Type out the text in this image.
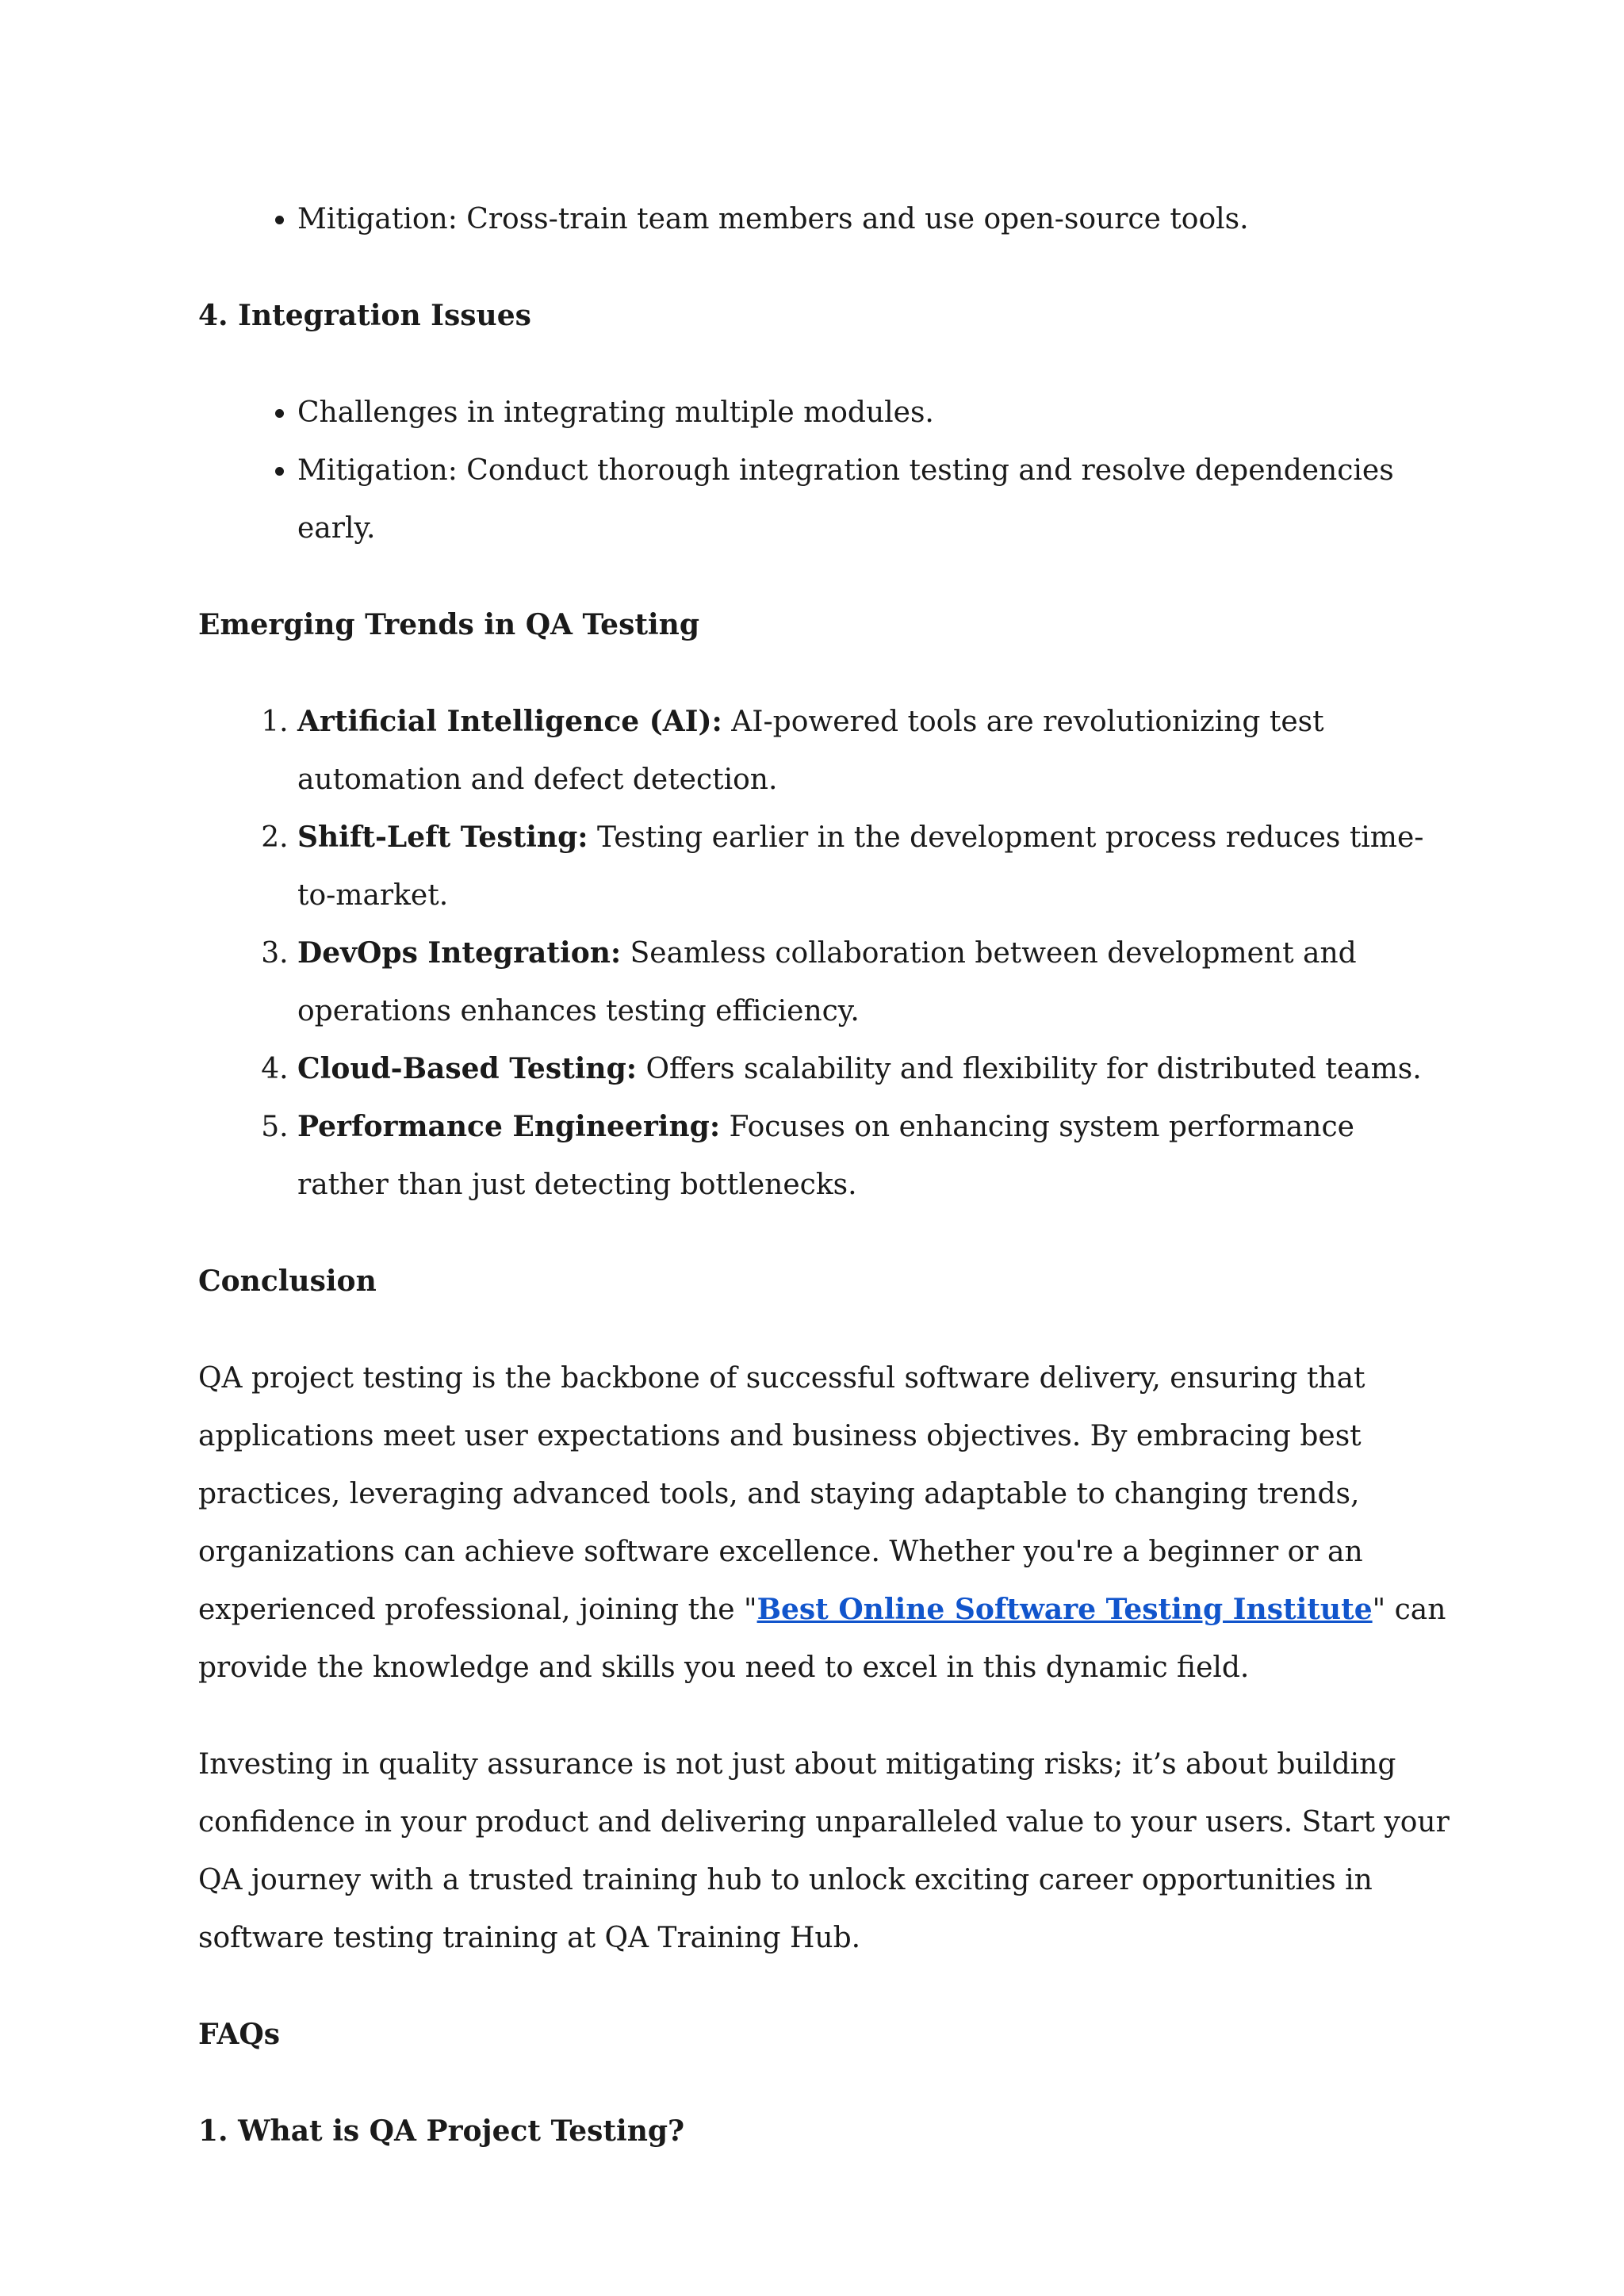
• Mitigation: Cross-train team members and use open-source tools.
4. Integration Issues
• Challenges in integrating multiple modules.
• Mitigation: Conduct thorough integration testing and resolve dependencies early.
Emerging Trends in QA Testing
1. Artificial Intelligence (AI): AI-powered tools are revolutionizing test automation and defect detection.
2. Shift-Left Testing: Testing earlier in the development process reduces time-to-market.
3. DevOps Integration: Seamless collaboration between development and operations enhances testing efficiency.
4. Cloud-Based Testing: Offers scalability and flexibility for distributed teams.
5. Performance Engineering: Focuses on enhancing system performance rather than just detecting bottlenecks.
Conclusion

QA project testing is the backbone of successful software delivery, ensuring that applications meet user expectations and business objectives. By embracing best practices, leveraging advanced tools, and staying adaptable to changing trends, organizations can achieve software excellence. Whether you're a beginner or an experienced professional, joining the "Best Online Software Testing Institute" can provide the knowledge and skills you need to excel in this dynamic field.

Investing in quality assurance is not just about mitigating risks; it’s about building confidence in your product and delivering unparalleled value to your users. Start your QA journey with a trusted training hub to unlock exciting career opportunities in software testing training at QA Training Hub.

FAQs
1. What is QA Project Testing?
